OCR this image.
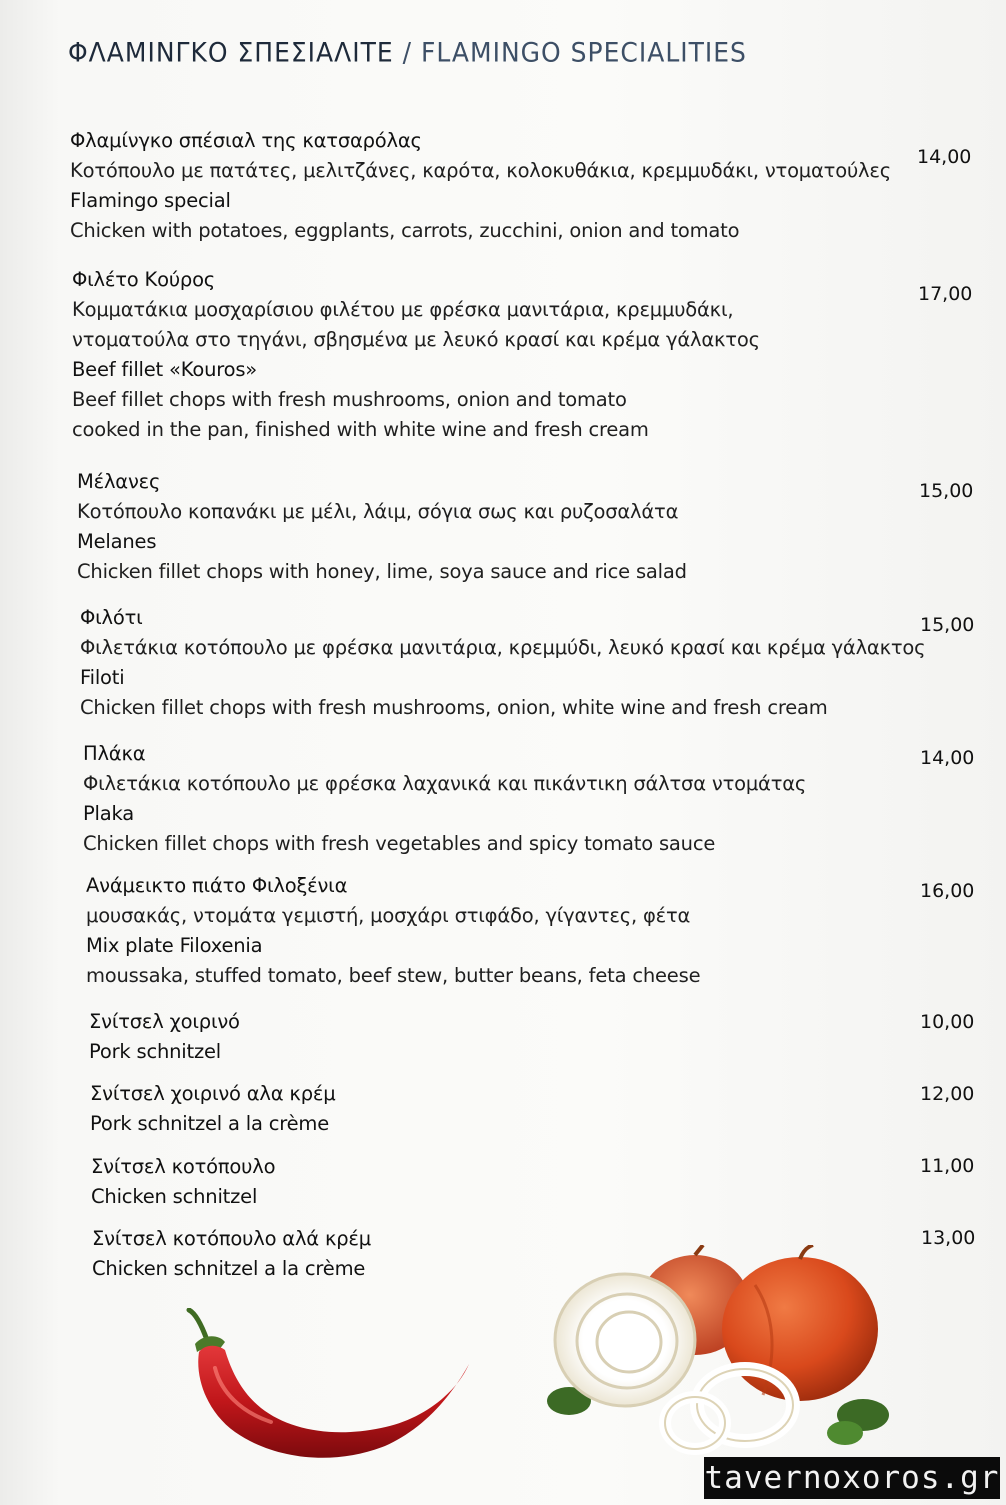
ΦΛΑΜΙΝΓΚΟ ΣΠΕΣΙΑΛΙΤΕ / FLAMINGO SPECIALITIES
Φλαμίνγκο σπέσιαλ της κατσαρόλας
Κοτόπουλο με πατάτες, μελιτζάνες, καρότα, κολοκυθάκια, κρεμμυδάκι, ντοματούλες
Flamingo special
Chicken with potatoes, eggplants, carrots, zucchini, onion and tomato
14,00
Φιλέτο Κούρος
Κομματάκια μοσχαρίσιου φιλέτου με φρέσκα μανιτάρια, κρεμμυδάκι,
ντοματούλα στο τηγάνι, σβησμένα με λευκό κρασί και κρέμα γάλακτος
Beef fillet «Kouros»
Beef fillet chops with fresh mushrooms, onion and tomato
cooked in the pan, finished with white wine and fresh cream
17,00
Μέλανες
Κοτόπουλο κοπανάκι με μέλι, λάιμ, σόγια σως και ρυζοσαλάτα
Melanes
Chicken fillet chops with honey, lime, soya sauce and rice salad
15,00
Φιλότι
Φιλετάκια κοτόπουλο με φρέσκα μανιτάρια, κρεμμύδι, λευκό κρασί και κρέμα γάλακτος
Filoti
Chicken fillet chops with fresh mushrooms, onion, white wine and fresh cream
15,00
Πλάκα
Φιλετάκια κοτόπουλο με φρέσκα λαχανικά και πικάντικη σάλτσα ντομάτας
Plaka
Chicken fillet chops with fresh vegetables and spicy tomato sauce
14,00
Ανάμεικτο πιάτο Φιλοξένια
μουσακάς, ντομάτα γεμιστή, μοσχάρι στιφάδο, γίγαντες, φέτα
Mix plate Filoxenia
moussaka, stuffed tomato, beef stew, butter beans, feta cheese
16,00
Σνίτσελ χοιρινό
Pork schnitzel
10,00
Σνίτσελ χοιρινό αλα κρέμ
Pork schnitzel a la crème
12,00
Σνίτσελ κοτόπουλο
Chicken schnitzel
11,00
Σνίτσελ κοτόπουλο αλά κρέμ
Chicken schnitzel a la crème
13,00
tavernoxoros.gr
